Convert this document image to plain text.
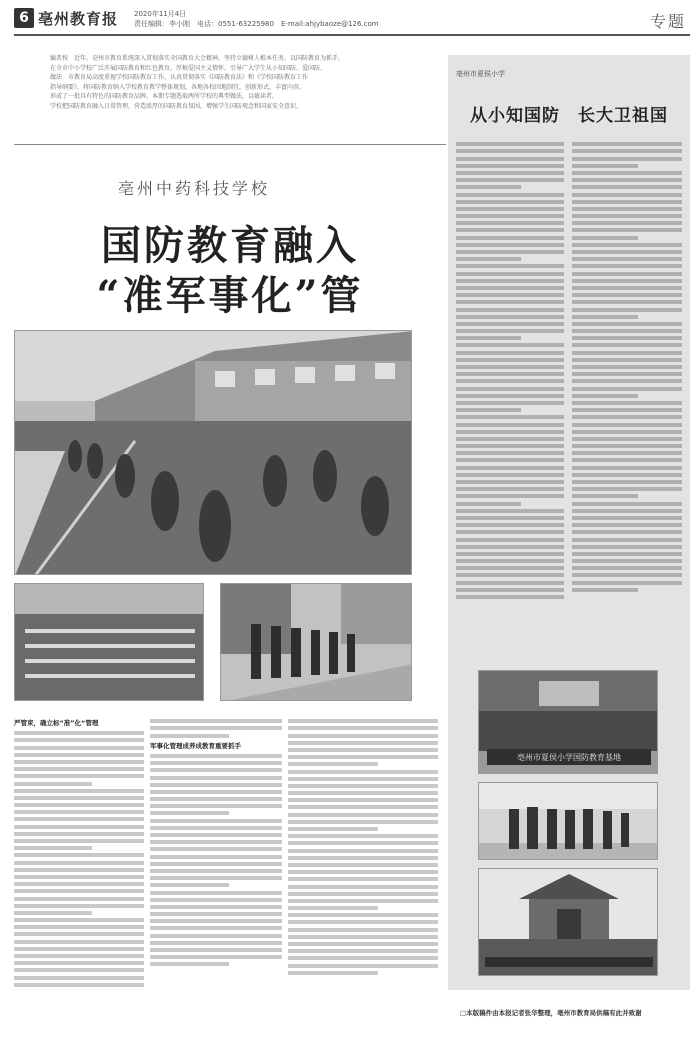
6 亳州教育报 2020年11月4日
责任编辑：李小刚　电话：0551-63225980　E-mail:ahjybaoze@126.com	专题
编者按　近年，亳州市教育系统深入贯彻落实全国教育大会精神，坚持立德树人根本任务，以国防教育为抓手，
在全市中小学校广泛开展国防教育和红色教育，厚植爱国主义情怀，引导广大学生从小知国防、爱国防、
做法　市教育局高度重视学校国防教育工作，认真贯彻落实《国防教育法》和《学校国防教育工作
指导纲要》，将国防教育纳入学校教育教学整体规划，各地各校因地制宜，创新形式，丰富内容，
形成了一批具有特色的国防教育品牌。本期专题选取两所学校的典型做法，以飨读者。
学校把国防教育融入日常管理，营造浓厚的国防教育氛围，增强学生国防观念和国家安全意识。
亳州中药科技学校
国防教育融入
“准军事化”管
严管束，确立标“准”化“管理
军事化管理成养成教育重要抓手
亳州市夏侯小学
从小知国防　长大卫祖国
亳州市夏侯小学国防教育基地
□本版稿件由本报记者张华整理，亳州市教育局供稿有此并致谢
